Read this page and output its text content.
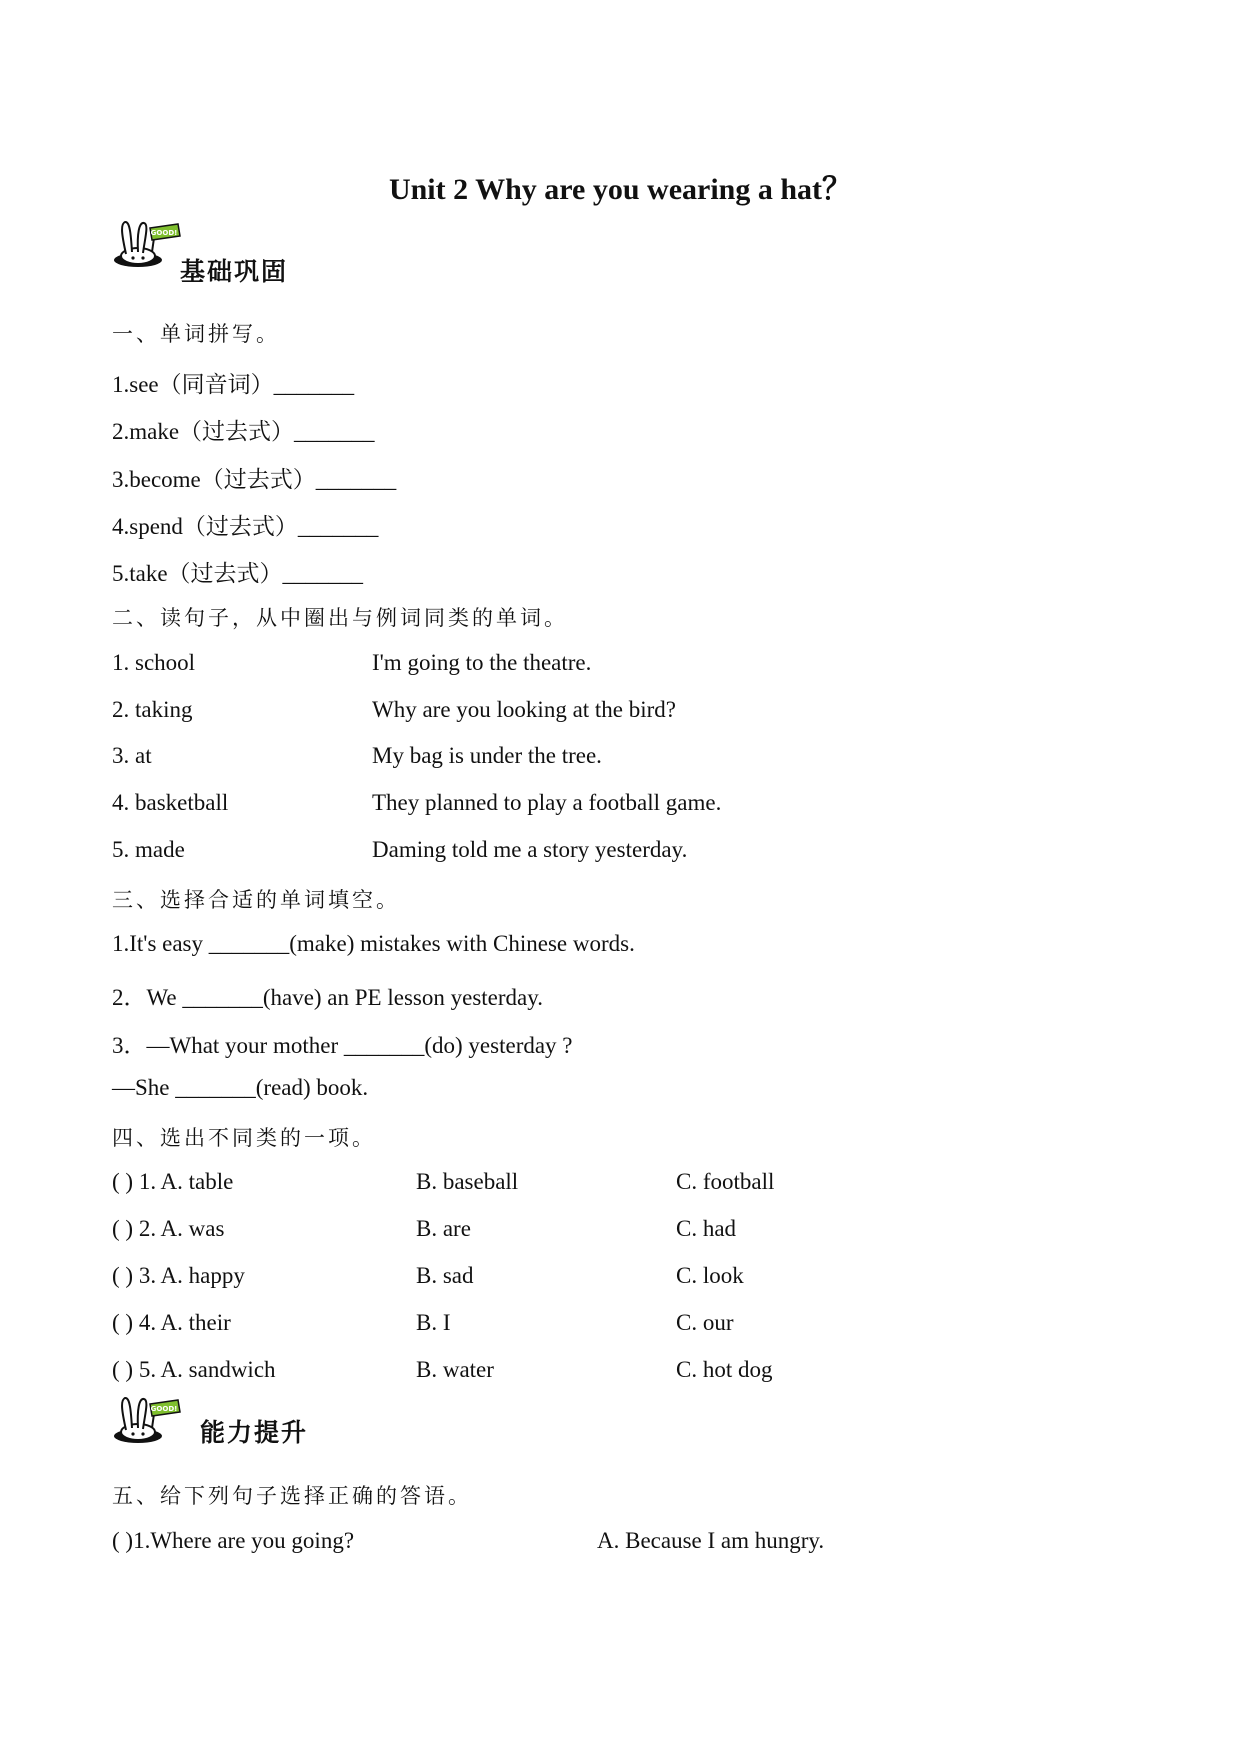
Unit 2 Why are you wearing a hat？
GOOD!
基础巩固
一、单词拼写。
1.see（同音词）_______
2.make（过去式）_______
3.become（过去式）_______
4.spend（过去式）_______
5.take（过去式）_______
二、读句子，从中圈出与例词同类的单词。
1. school	I'm going to the theatre.
2. taking	Why are you looking at the bird?
3. at	My bag is under the tree.
4. basketball	They planned to play a football game.
5. made	Daming told me a story yesterday.
三、选择合适的单词填空。
1.It's easy _______(make) mistakes with Chinese words.
2．We _______(have) an PE lesson yesterday.
3．—What your mother _______(do) yesterday ?
—She _______(read) book.
四、选出不同类的一项。
( ) 1. A. table	B. baseball	C. football
( ) 2. A. was	B. are	C. had
( ) 3. A. happy	B. sad	C. look
( ) 4. A. their	B. I	C. our
( ) 5. A. sandwich	B. water	C. hot dog
GOOD!
能力提升
五、给下列句子选择正确的答语。
( )1.Where are you going?	A. Because I am hungry.
